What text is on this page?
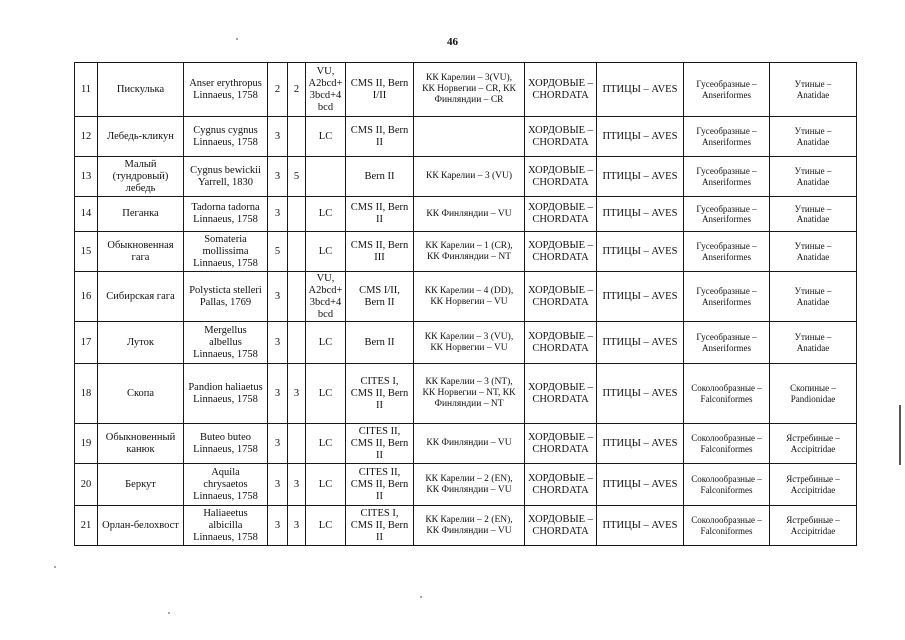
46
11	Пискулька	Anser erythropus
Linnaeus, 1758	2	2	VU,
A2bcd+
3bcd+4
bcd	CMS II, Bern
I/II	КК Карелии – 3(VU),
КК Норвегии – CR, КК
Финляндии – CR	ХОРДОВЫЕ –
CHORDATA	ПТИЦЫ – AVES	Гусеобразные –
Anseriformes	Утиные –
Anatidae

12	Лебедь-кликун	Cygnus cygnus
Linnaeus, 1758	3		LC	CMS II, Bern
II		ХОРДОВЫЕ –
CHORDATA	ПТИЦЫ – AVES	Гусеобразные –
Anseriformes	Утиные –
Anatidae

13	Малый (тундровый) лебедь	Cygnus bewickii
Yarrell, 1830	3	5		Bern II	КК Карелии – 3 (VU)	ХОРДОВЫЕ –
CHORDATA	ПТИЦЫ – AVES	Гусеобразные –
Anseriformes	Утиные –
Anatidae

14	Пеганка	Tadorna tadorna
Linnaeus, 1758	3		LC	CMS II, Bern
II	КК Финляндии – VU	ХОРДОВЫЕ –
CHORDATA	ПТИЦЫ – AVES	Гусеобразные –
Anseriformes	Утиные –
Anatidae

15	Обыкновенная гага	Somateria
mollissima
Linnaeus, 1758	5		LC	CMS II, Bern
III	КК Карелии – 1 (CR),
КК Финляндии – NT	ХОРДОВЫЕ –
CHORDATA	ПТИЦЫ – AVES	Гусеобразные –
Anseriformes	Утиные –
Anatidae

16	Сибирская гага	Polysticta stelleri
Pallas, 1769	3		VU,
A2bcd+
3bcd+4
bcd	CMS I/II,
Bern II	КК Карелии – 4 (DD),
КК Норвегии – VU	ХОРДОВЫЕ –
CHORDATA	ПТИЦЫ – AVES	Гусеобразные –
Anseriformes	Утиные –
Anatidae

17	Луток	Mergellus
albellus
Linnaeus, 1758	3		LC	Bern II	КК Карелии – 3 (VU),
КК Норвегии – VU	ХОРДОВЫЕ –
CHORDATA	ПТИЦЫ – AVES	Гусеобразные –
Anseriformes	Утиные –
Anatidae

18	Скопа	Pandion haliaetus
Linnaeus, 1758	3	3	LC	CITES I,
CMS II, Bern
II	КК Карелии – 3 (NT),
КК Норвегии – NT, КК
Финляндии – NT	ХОРДОВЫЕ –
CHORDATA	ПТИЦЫ – AVES	Соколообразные –
Falconiformes	Скопиные –
Pandionidae

19	Обыкновенный канюк	Buteo buteo
Linnaeus, 1758	3		LC	CITES II,
CMS II, Bern
II	КК Финляндии – VU	ХОРДОВЫЕ –
CHORDATA	ПТИЦЫ – AVES	Соколообразные –
Falconiformes	Ястребиные –
Accipitridae

20	Беркут	Aquila
chrysaetos
Linnaeus, 1758	3	3	LC	CITES II,
CMS II, Bern
II	КК Карелии – 2 (EN),
КК Финляндии – VU	ХОРДОВЫЕ –
CHORDATA	ПТИЦЫ – AVES	Соколообразные –
Falconiformes	Ястребиные –
Accipitridae

21	Орлан-белохвост	Haliaeetus
albicilla
Linnaeus, 1758	3	3	LC	CITES I,
CMS II, Bern
II	КК Карелии – 2 (EN),
КК Финляндии – VU	ХОРДОВЫЕ –
CHORDATA	ПТИЦЫ – AVES	Соколообразные –
Falconiformes	Ястребиные –
Accipitridae
